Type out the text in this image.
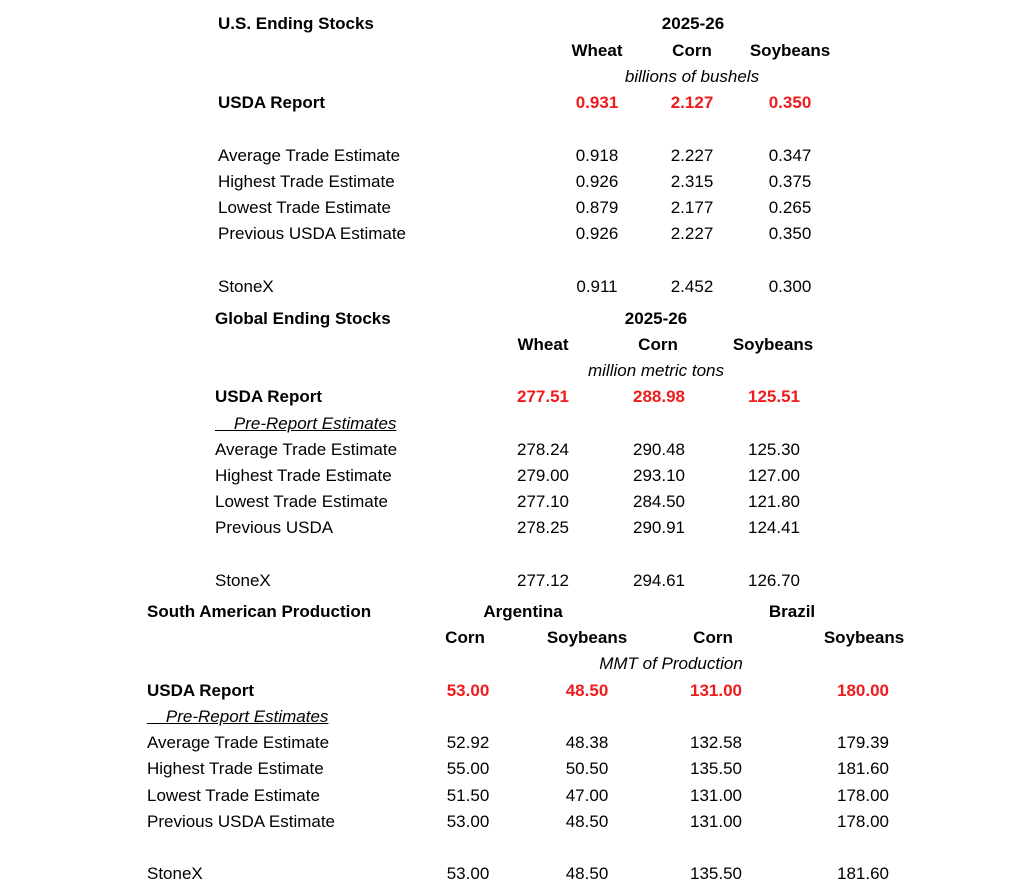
U.S. Ending Stocks	2025-26
Wheat	Corn Soybeans
billions of bushels
USDA Report	0.931	2.127	0.350
Average Trade Estimate	0.918	2.227	0.347
Highest Trade Estimate	0.926	2.315	0.375
Lowest Trade Estimate	0.879	2.177	0.265
Previous USDA Estimate	0.926	2.227	0.350
StoneX	0.911	2.452	0.300
Global Ending Stocks	2025-26
Wheat	Corn	Soybeans
million metric tons
USDA Report	277.51	288.98	125.51
Pre-Report Estimates
Average Trade Estimate	278.24	290.48	125.30
Highest Trade Estimate	279.00	293.10	127.00
Lowest Trade Estimate	277.10	284.50	121.80
Previous USDA	278.25	290.91	124.41
StoneX	277.12	294.61	126.70
South American Production	Argentina	Brazil
Corn	Soybeans	Corn	Soybeans
MMT of Production
USDA Report	53.00	48.50	131.00	180.00
Pre-Report Estimates
Average Trade Estimate	52.92	48.38	132.58	179.39
Highest Trade Estimate	55.00	50.50	135.50	181.60
Lowest Trade Estimate	51.50	47.00	131.00	178.00
Previous USDA Estimate	53.00	48.50	131.00	178.00
StoneX	53.00	48.50	135.50	181.60
